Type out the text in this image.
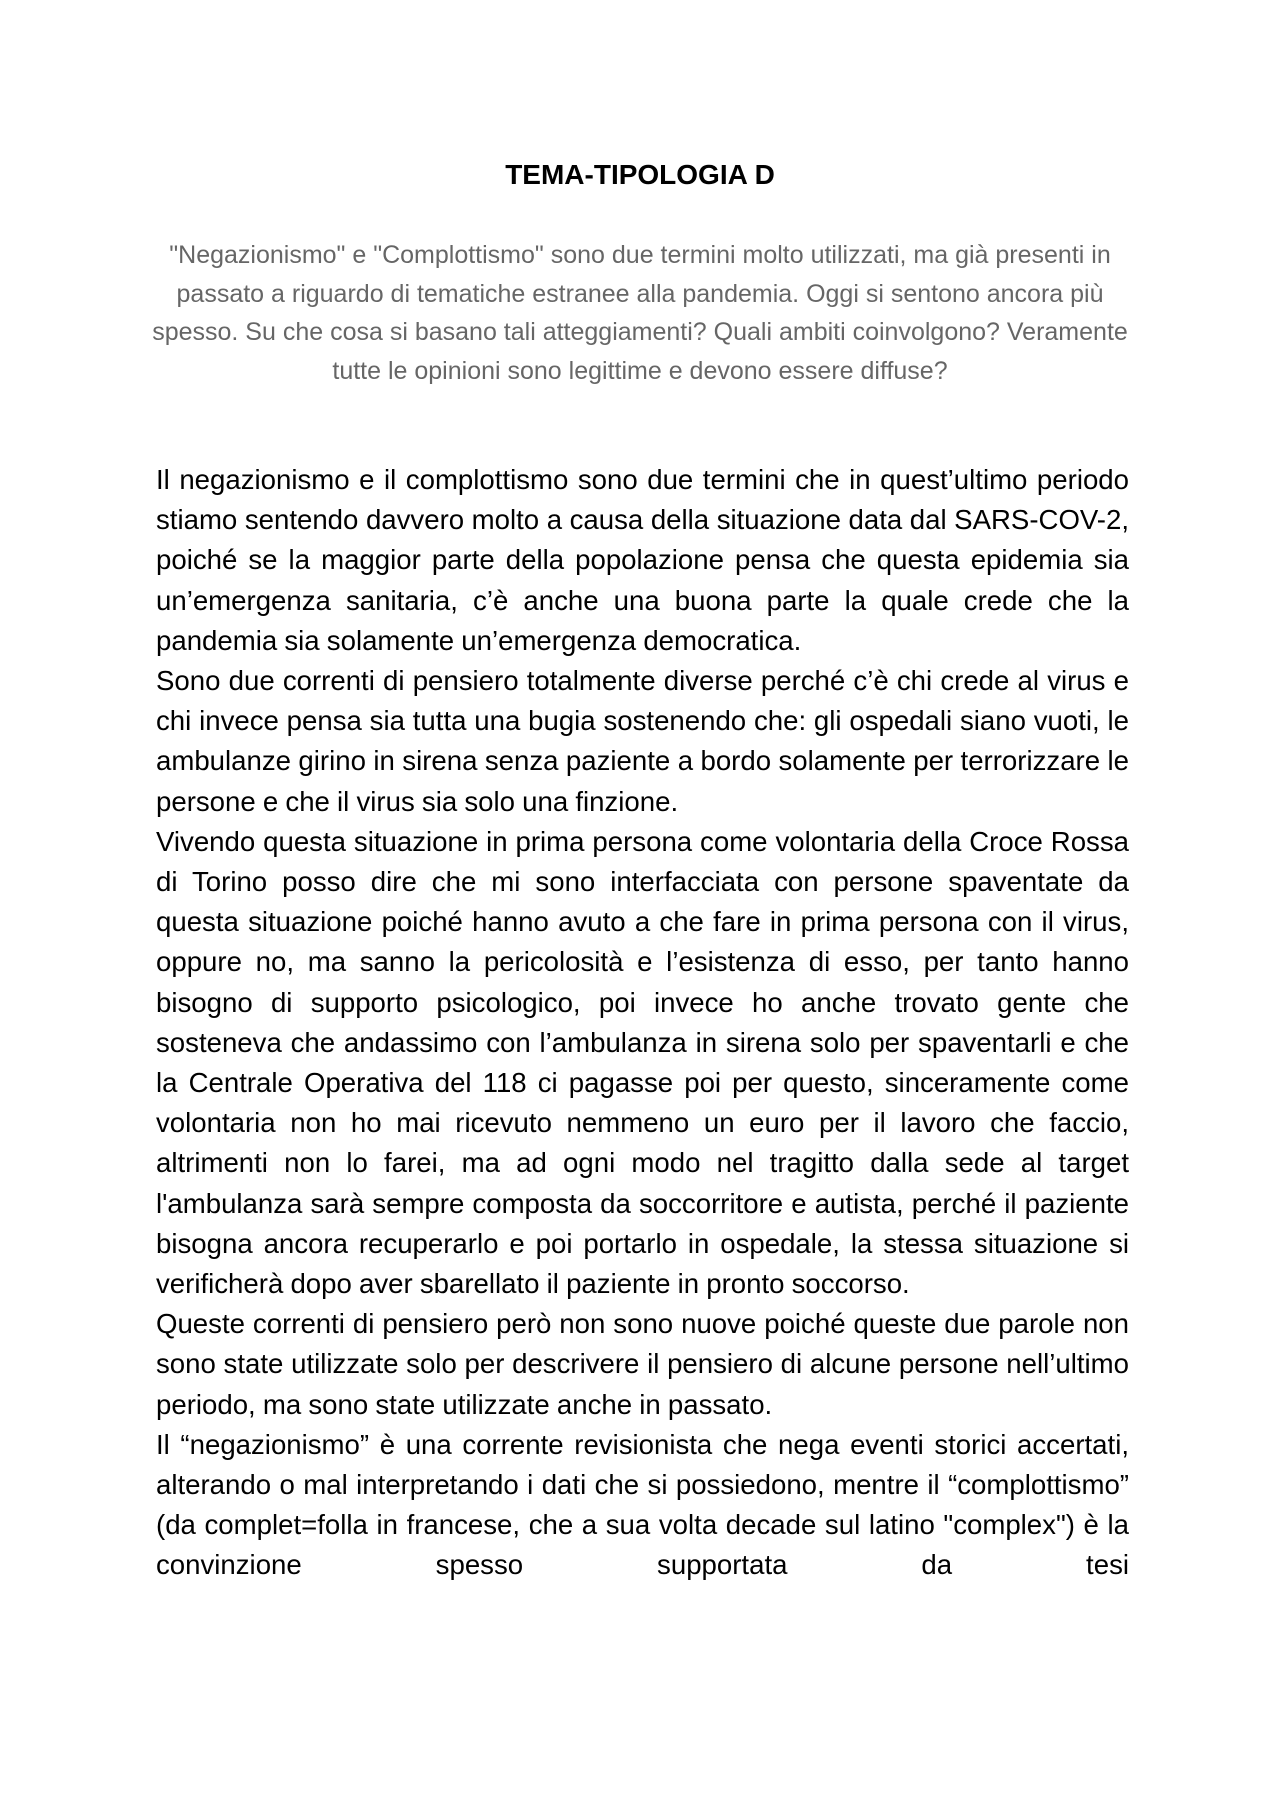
TEMA-TIPOLOGIA D

"Negazionismo" e "Complottismo" sono due termini molto utilizzati, ma già presenti in passato a riguardo di tematiche estranee alla pandemia. Oggi si sentono ancora più spesso. Su che cosa si basano tali atteggiamenti? Quali ambiti coinvolgono? Veramente tutte le opinioni sono legittime e devono essere diffuse?

Il negazionismo e il complottismo sono due termini che in quest’ultimo periodo stiamo sentendo davvero molto a causa della situazione data dal SARS-COV-2, poiché se la maggior parte della popolazione pensa che questa epidemia sia un’emergenza sanitaria, c’è anche una buona parte la quale crede che la pandemia sia solamente un’emergenza democratica.

Sono due correnti di pensiero totalmente diverse perché c’è chi crede al virus e chi invece pensa sia tutta una bugia sostenendo che: gli ospedali siano vuoti, le ambulanze girino in sirena senza paziente a bordo solamente per terrorizzare le persone e che il virus sia solo una finzione.

Vivendo questa situazione in prima persona come volontaria della Croce Rossa di Torino posso dire che mi sono interfacciata con persone spaventate da questa situazione poiché hanno avuto a che fare in prima persona con il virus, oppure no, ma sanno la pericolosità e l’esistenza di esso, per tanto hanno bisogno di supporto psicologico, poi invece ho anche trovato gente che sosteneva che andassimo con l’ambulanza in sirena solo per spaventarli e che la Centrale Operativa del 118 ci pagasse poi per questo, sinceramente come volontaria non ho mai ricevuto nemmeno un euro per il lavoro che faccio, altrimenti non lo farei, ma ad ogni modo nel tragitto dalla sede al target l'ambulanza sarà sempre composta da soccorritore e autista, perché il paziente bisogna ancora recuperarlo e poi portarlo in ospedale, la stessa situazione si verificherà dopo aver sbarellato il paziente in pronto soccorso.

Queste correnti di pensiero però non sono nuove poiché queste due parole non sono state utilizzate solo per descrivere il pensiero di alcune persone nell’ultimo periodo, ma sono state utilizzate anche in passato.

Il “negazionismo” è una corrente revisionista che nega eventi storici accertati, alterando o mal interpretando i dati che si possiedono, mentre il “complottismo” (da complet=folla in francese, che a sua volta decade sul latino "complex") è la convinzione spesso supportata da tesi
